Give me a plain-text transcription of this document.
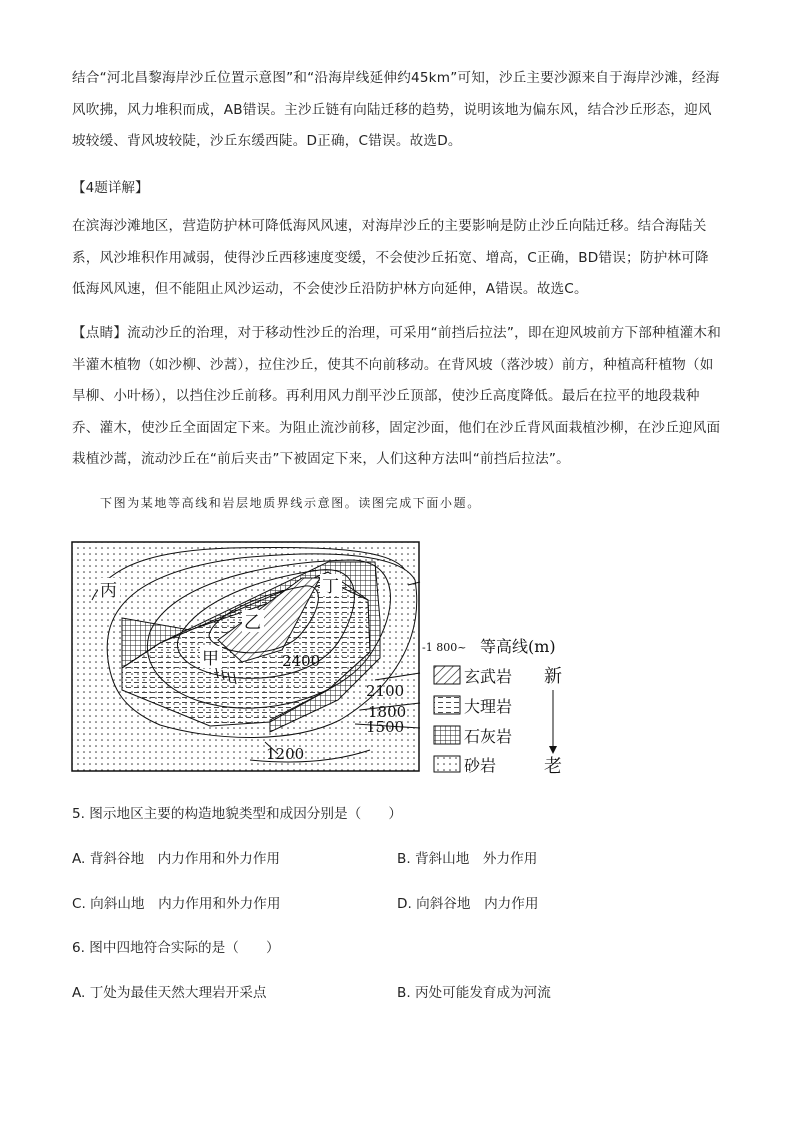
结合“河北昌黎海岸沙丘位置示意图”和“沿海岸线延伸约45km”可知，沙丘主要沙源来自于海岸沙滩，经海风吹拂，风力堆积而成，AB错误。主沙丘链有向陆迁移的趋势，说明该地为偏东风，结合沙丘形态，迎风坡较缓、背风坡较陡，沙丘东缓西陡。D正确，C错误。故选D。

【4题详解】

在滨海沙滩地区，营造防护林可降低海风风速，对海岸沙丘的主要影响是防止沙丘向陆迁移。结合海陆关系，风沙堆积作用减弱，使得沙丘西移速度变缓，不会使沙丘拓宽、增高，C正确，BD错误；防护林可降低海风风速，但不能阻止风沙运动，不会使沙丘沿防护林方向延伸，A错误。故选C。

【点睛】流动沙丘的治理，对于移动性沙丘的治理，可采用“前挡后拉法”，即在迎风坡前方下部种植灌木和半灌木植物（如沙柳、沙蒿），拉住沙丘，使其不向前移动。在背风坡（落沙坡）前方，种植高秆植物（如旱柳、小叶杨），以挡住沙丘前移。再利用风力削平沙丘顶部，使沙丘高度降低。最后在拉平的地段栽种乔、灌木，使沙丘全面固定下来。为阻止流沙前移，固定沙面，他们在沙丘背风面栽植沙柳，在沙丘迎风面栽植沙蒿，流动沙丘在“前后夹击”下被固定下来，人们这种方法叫“前挡后拉法”。

下图为某地等高线和岩层地质界线示意图。读图完成下面小题。
丙	丁
乙
甲	2400
2100
1800
1500
1200
-1 800~ 等高线(m)
玄武岩
大理岩
石灰岩
砂岩
新
老
5. 图示地区主要的构造地貌类型和成因分别是（　　）
A. 背斜谷地　内力作用和外力作用	B. 背斜山地　外力作用
C. 向斜山地　内力作用和外力作用	D. 向斜谷地　内力作用
6. 图中四地符合实际的是（　　）
A. 丁处为最佳天然大理岩开采点	B. 丙处可能发育成为河流
